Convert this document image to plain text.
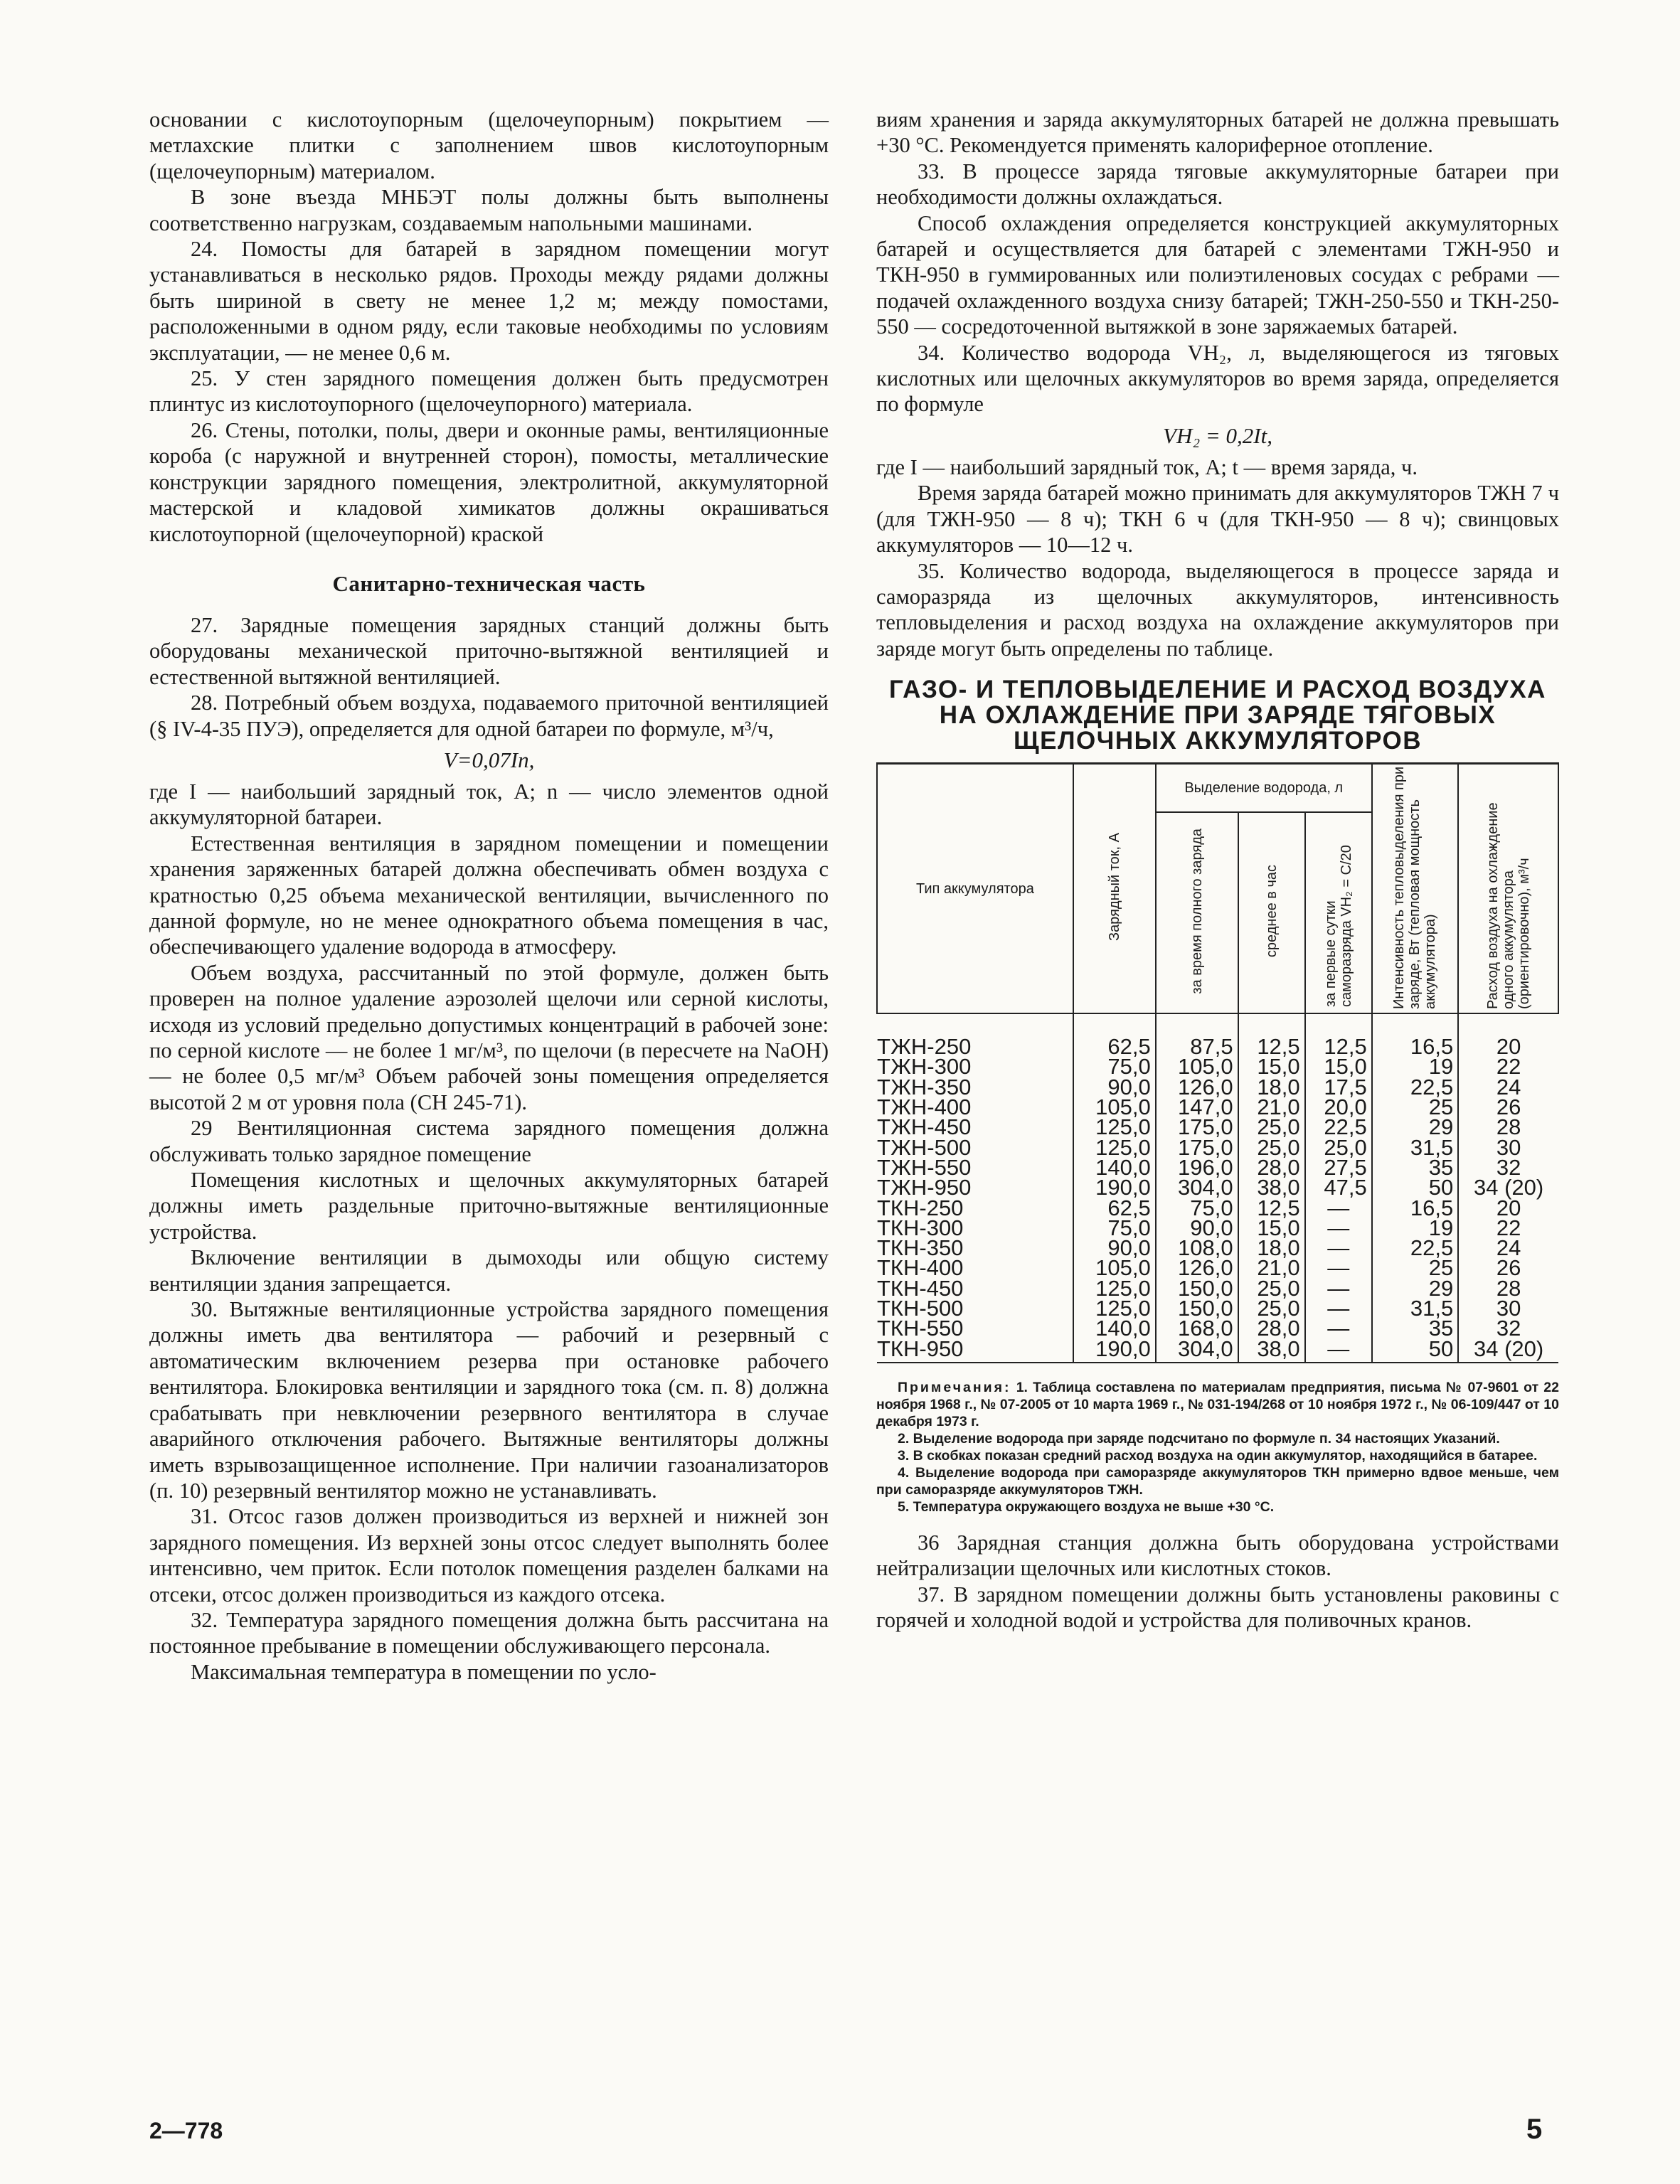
основании с кислотоупорным (щелочеупорным) покрытием — метлахские плитки с заполнением швов кислотоупорным (щелочеупорным) материалом.

В зоне въезда МНБЭТ полы должны быть выполнены соответственно нагрузкам, создаваемым напольными машинами.

24. Помосты для батарей в зарядном помещении могут устанавливаться в несколько рядов. Проходы между рядами должны быть шириной в свету не менее 1,2 м; между помостами, расположенными в одном ряду, если таковые необходимы по условиям эксплуатации, — не менее 0,6 м.

25. У стен зарядного помещения должен быть предусмотрен плинтус из кислотоупорного (щелочеупорного) материала.

26. Стены, потолки, полы, двери и оконные рамы, вентиляционные короба (с наружной и внутренней сторон), помосты, металлические конструкции зарядного помещения, электролитной, аккумуляторной мастерской и кладовой химикатов должны окрашиваться кислотоупорной (щелочеупорной) краской

Санитарно-техническая часть

27. Зарядные помещения зарядных станций должны быть оборудованы механической приточно-вытяжной вентиляцией и естественной вытяжной вентиляцией.

28. Потребный объем воздуха, подаваемого приточной вентиляцией (§ IV-4-35 ПУЭ), определяется для одной батареи по формуле, м³/ч,

V=0,07In,

где I — наибольший зарядный ток, А; n — число элементов одной аккумуляторной батареи.

Естественная вентиляция в зарядном помещении и помещении хранения заряженных батарей должна обеспечивать обмен воздуха с кратностью 0,25 объема механической вентиляции, вычисленного по данной формуле, но не менее однократного объема помещения в час, обеспечивающего удаление водорода в атмосферу.

Объем воздуха, рассчитанный по этой формуле, должен быть проверен на полное удаление аэрозолей щелочи или серной кислоты, исходя из условий предельно допустимых концентраций в рабочей зоне: по серной кислоте — не более 1 мг/м³, по щелочи (в пересчете на NaOH) — не более 0,5 мг/м³ Объем рабочей зоны помещения определяется высотой 2 м от уровня пола (СН 245-71).

29 Вентиляционная система зарядного помещения должна обслуживать только зарядное помещение

Помещения кислотных и щелочных аккумуляторных батарей должны иметь раздельные приточно-вытяжные вентиляционные устройства.

Включение вентиляции в дымоходы или общую систему вентиляции здания запрещается.

30. Вытяжные вентиляционные устройства зарядного помещения должны иметь два вентилятора — рабочий и резервный с автоматическим включением резерва при остановке рабочего вентилятора. Блокировка вентиляции и зарядного тока (см. п. 8) должна срабатывать при невключении резервного вентилятора в случае аварийного отключения рабочего. Вытяжные вентиляторы должны иметь взрывозащищенное исполнение. При наличии газоанализаторов (п. 10) резервный вентилятор можно не устанавливать.

31. Отсос газов должен производиться из верхней и нижней зон зарядного помещения. Из верхней зоны отсос следует выполнять более интенсивно, чем приток. Если потолок помещения разделен балками на отсеки, отсос должен производиться из каждого отсека.

32. Температура зарядного помещения должна быть рассчитана на постоянное пребывание в помещении обслуживающего персонала.

Максимальная температура в помещении по усло-

виям хранения и заряда аккумуляторных батарей не должна превышать +30 °С. Рекомендуется применять калориферное отопление.

33. В процессе заряда тяговые аккумуляторные батареи при необходимости должны охлаждаться.

Способ охлаждения определяется конструкцией аккумуляторных батарей и осуществляется для батарей с элементами ТЖН-950 и ТКН-950 в гуммированных или полиэтиленовых сосудах с ребрами — подачей охлажденного воздуха снизу батарей; ТЖН-250-550 и ТКН-250-550 — сосредоточенной вытяжкой в зоне заряжаемых батарей.

34. Количество водорода VH₂, л, выделяющегося из тяговых кислотных или щелочных аккумуляторов во время заряда, определяется по формуле

VH₂ = 0,2It,

где I — наибольший зарядный ток, А; t — время заряда, ч.

Время заряда батарей можно принимать для аккумуляторов ТЖН 7 ч (для ТЖН-950 — 8 ч); ТКН 6 ч (для ТКН-950 — 8 ч); свинцовых аккумуляторов — 10—12 ч.

35. Количество водорода, выделяющегося в процессе заряда и саморазряда из щелочных аккумуляторов, интенсивность тепловыделения и расход воздуха на охлаждение аккумуляторов при заряде могут быть определены по таблице.

ГАЗО- И ТЕПЛОВЫДЕЛЕНИЕ И РАСХОД ВОЗДУХА
НА ОХЛАЖДЕНИЕ ПРИ ЗАРЯДЕ ТЯГОВЫХ
ЩЕЛОЧНЫХ АККУМУЛЯТОРОВ
Тип аккумулятора	Зарядный ток, А	Выделение водорода, л			Интенсивность тепловыделения при заряде, Вт (тепловая мощность аккумулятора)	Расход воздуха на охлаждение одного аккумулятора (ориентировочно), м³/ч
		за время полного заряда	среднее в час	за первые сутки саморазряда VH₂ = C/20		
ТЖН-250	62,5	87,5	12,5	12,5	16,5	20
ТЖН-300	75,0	105,0	15,0	15,0	19	22
ТЖН-350	90,0	126,0	18,0	17,5	22,5	24
ТЖН-400	105,0	147,0	21,0	20,0	25	26
ТЖН-450	125,0	175,0	25,0	22,5	29	28
ТЖН-500	125,0	175,0	25,0	25,0	31,5	30
ТЖН-550	140,0	196,0	28,0	27,5	35	32
ТЖН-950	190,0	304,0	38,0	47,5	50	34 (20)
ТКН-250	62,5	75,0	12,5	—	16,5	20
ТКН-300	75,0	90,0	15,0	—	19	22
ТКН-350	90,0	108,0	18,0	—	22,5	24
ТКН-400	105,0	126,0	21,0	—	25	26
ТКН-450	125,0	150,0	25,0	—	29	28
ТКН-500	125,0	150,0	25,0	—	31,5	30
ТКН-550	140,0	168,0	28,0	—	35	32
ТКН-950	190,0	304,0	38,0	—	50	34 (20)
Примечания: 1. Таблица составлена по материалам предприятия, письма № 07-9601 от 22 ноября 1968 г., № 07-2005 от 10 марта 1969 г., № 031-194/268 от 10 ноября 1972 г., № 06-109/447 от 10 декабря 1973 г.
2. Выделение водорода при заряде подсчитано по формуле п. 34 настоящих Указаний.
3. В скобках показан средний расход воздуха на один аккумулятор, находящийся в батарее.
4. Выделение водорода при саморазряде аккумуляторов ТКН примерно вдвое меньше, чем при саморазряде аккумуляторов ТЖН.
5. Температура окружающего воздуха не выше +30 °С.

36 Зарядная станция должна быть оборудована устройствами нейтрализации щелочных или кислотных стоков.

37. В зарядном помещении должны быть установлены раковины с горячей и холодной водой и устройства для поливочных кранов.

2—778	5
